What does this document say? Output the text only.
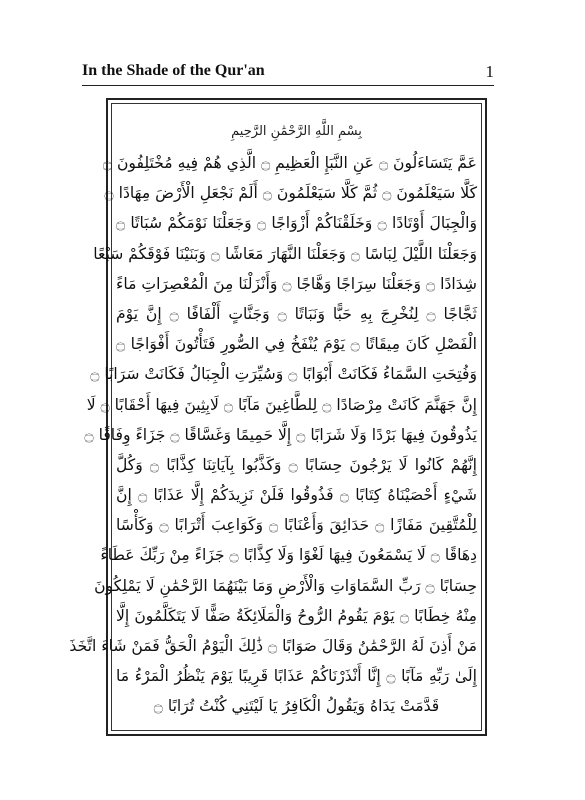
In the Shade of the Qur'an	1
بِسْمِ اللَّهِ الرَّحْمَٰنِ الرَّحِيمِ
عَمَّ يَتَسَاءَلُونَ ۝ عَنِ النَّبَإِ الْعَظِيمِ ۝ الَّذِي هُمْ فِيهِ مُخْتَلِفُونَ ۝
كَلَّا سَيَعْلَمُونَ ۝ ثُمَّ كَلَّا سَيَعْلَمُونَ ۝ أَلَمْ نَجْعَلِ الْأَرْضَ مِهَادًا ۝
وَالْجِبَالَ أَوْتَادًا ۝ وَخَلَقْنَاكُمْ أَزْوَاجًا ۝ وَجَعَلْنَا نَوْمَكُمْ سُبَاتًا ۝
وَجَعَلْنَا اللَّيْلَ لِبَاسًا ۝ وَجَعَلْنَا النَّهَارَ مَعَاشًا ۝ وَبَنَيْنَا فَوْقَكُمْ سَبْعًا
شِدَادًا ۝ وَجَعَلْنَا سِرَاجًا وَهَّاجًا ۝ وَأَنْزَلْنَا مِنَ الْمُعْصِرَاتِ مَاءً
ثَجَّاجًا ۝ لِنُخْرِجَ بِهِ حَبًّا وَنَبَاتًا ۝ وَجَنَّاتٍ أَلْفَافًا ۝ إِنَّ يَوْمَ
الْفَصْلِ كَانَ مِيقَاتًا ۝ يَوْمَ يُنْفَخُ فِي الصُّورِ فَتَأْتُونَ أَفْوَاجًا ۝
وَفُتِحَتِ السَّمَاءُ فَكَانَتْ أَبْوَابًا ۝ وَسُيِّرَتِ الْجِبَالُ فَكَانَتْ سَرَابًا ۝
إِنَّ جَهَنَّمَ كَانَتْ مِرْصَادًا ۝ لِلطَّاغِينَ مَآبًا ۝ لَابِثِينَ فِيهَا أَحْقَابًا ۝ لَا
يَذُوقُونَ فِيهَا بَرْدًا وَلَا شَرَابًا ۝ إِلَّا حَمِيمًا وَغَسَّاقًا ۝ جَزَاءً وِفَاقًا ۝
إِنَّهُمْ كَانُوا لَا يَرْجُونَ حِسَابًا ۝ وَكَذَّبُوا بِآيَاتِنَا كِذَّابًا ۝ وَكُلَّ
شَيْءٍ أَحْصَيْنَاهُ كِتَابًا ۝ فَذُوقُوا فَلَنْ نَزِيدَكُمْ إِلَّا عَذَابًا ۝ إِنَّ
لِلْمُتَّقِينَ مَفَازًا ۝ حَدَائِقَ وَأَعْنَابًا ۝ وَكَوَاعِبَ أَتْرَابًا ۝ وَكَأْسًا
دِهَاقًا ۝ لَا يَسْمَعُونَ فِيهَا لَغْوًا وَلَا كِذَّابًا ۝ جَزَاءً مِنْ رَبِّكَ عَطَاءً
حِسَابًا ۝ رَبِّ السَّمَاوَاتِ وَالْأَرْضِ وَمَا بَيْنَهُمَا الرَّحْمَٰنِ لَا يَمْلِكُونَ
مِنْهُ خِطَابًا ۝ يَوْمَ يَقُومُ الرُّوحُ وَالْمَلَائِكَةُ صَفًّا لَا يَتَكَلَّمُونَ إِلَّا
مَنْ أَذِنَ لَهُ الرَّحْمَٰنُ وَقَالَ صَوَابًا ۝ ذَٰلِكَ الْيَوْمُ الْحَقُّ فَمَنْ شَاءَ اتَّخَذَ
إِلَىٰ رَبِّهِ مَآبًا ۝ إِنَّا أَنْذَرْنَاكُمْ عَذَابًا قَرِيبًا يَوْمَ يَنْظُرُ الْمَرْءُ مَا
قَدَّمَتْ يَدَاهُ وَيَقُولُ الْكَافِرُ يَا لَيْتَنِي كُنْتُ تُرَابًا ۝
